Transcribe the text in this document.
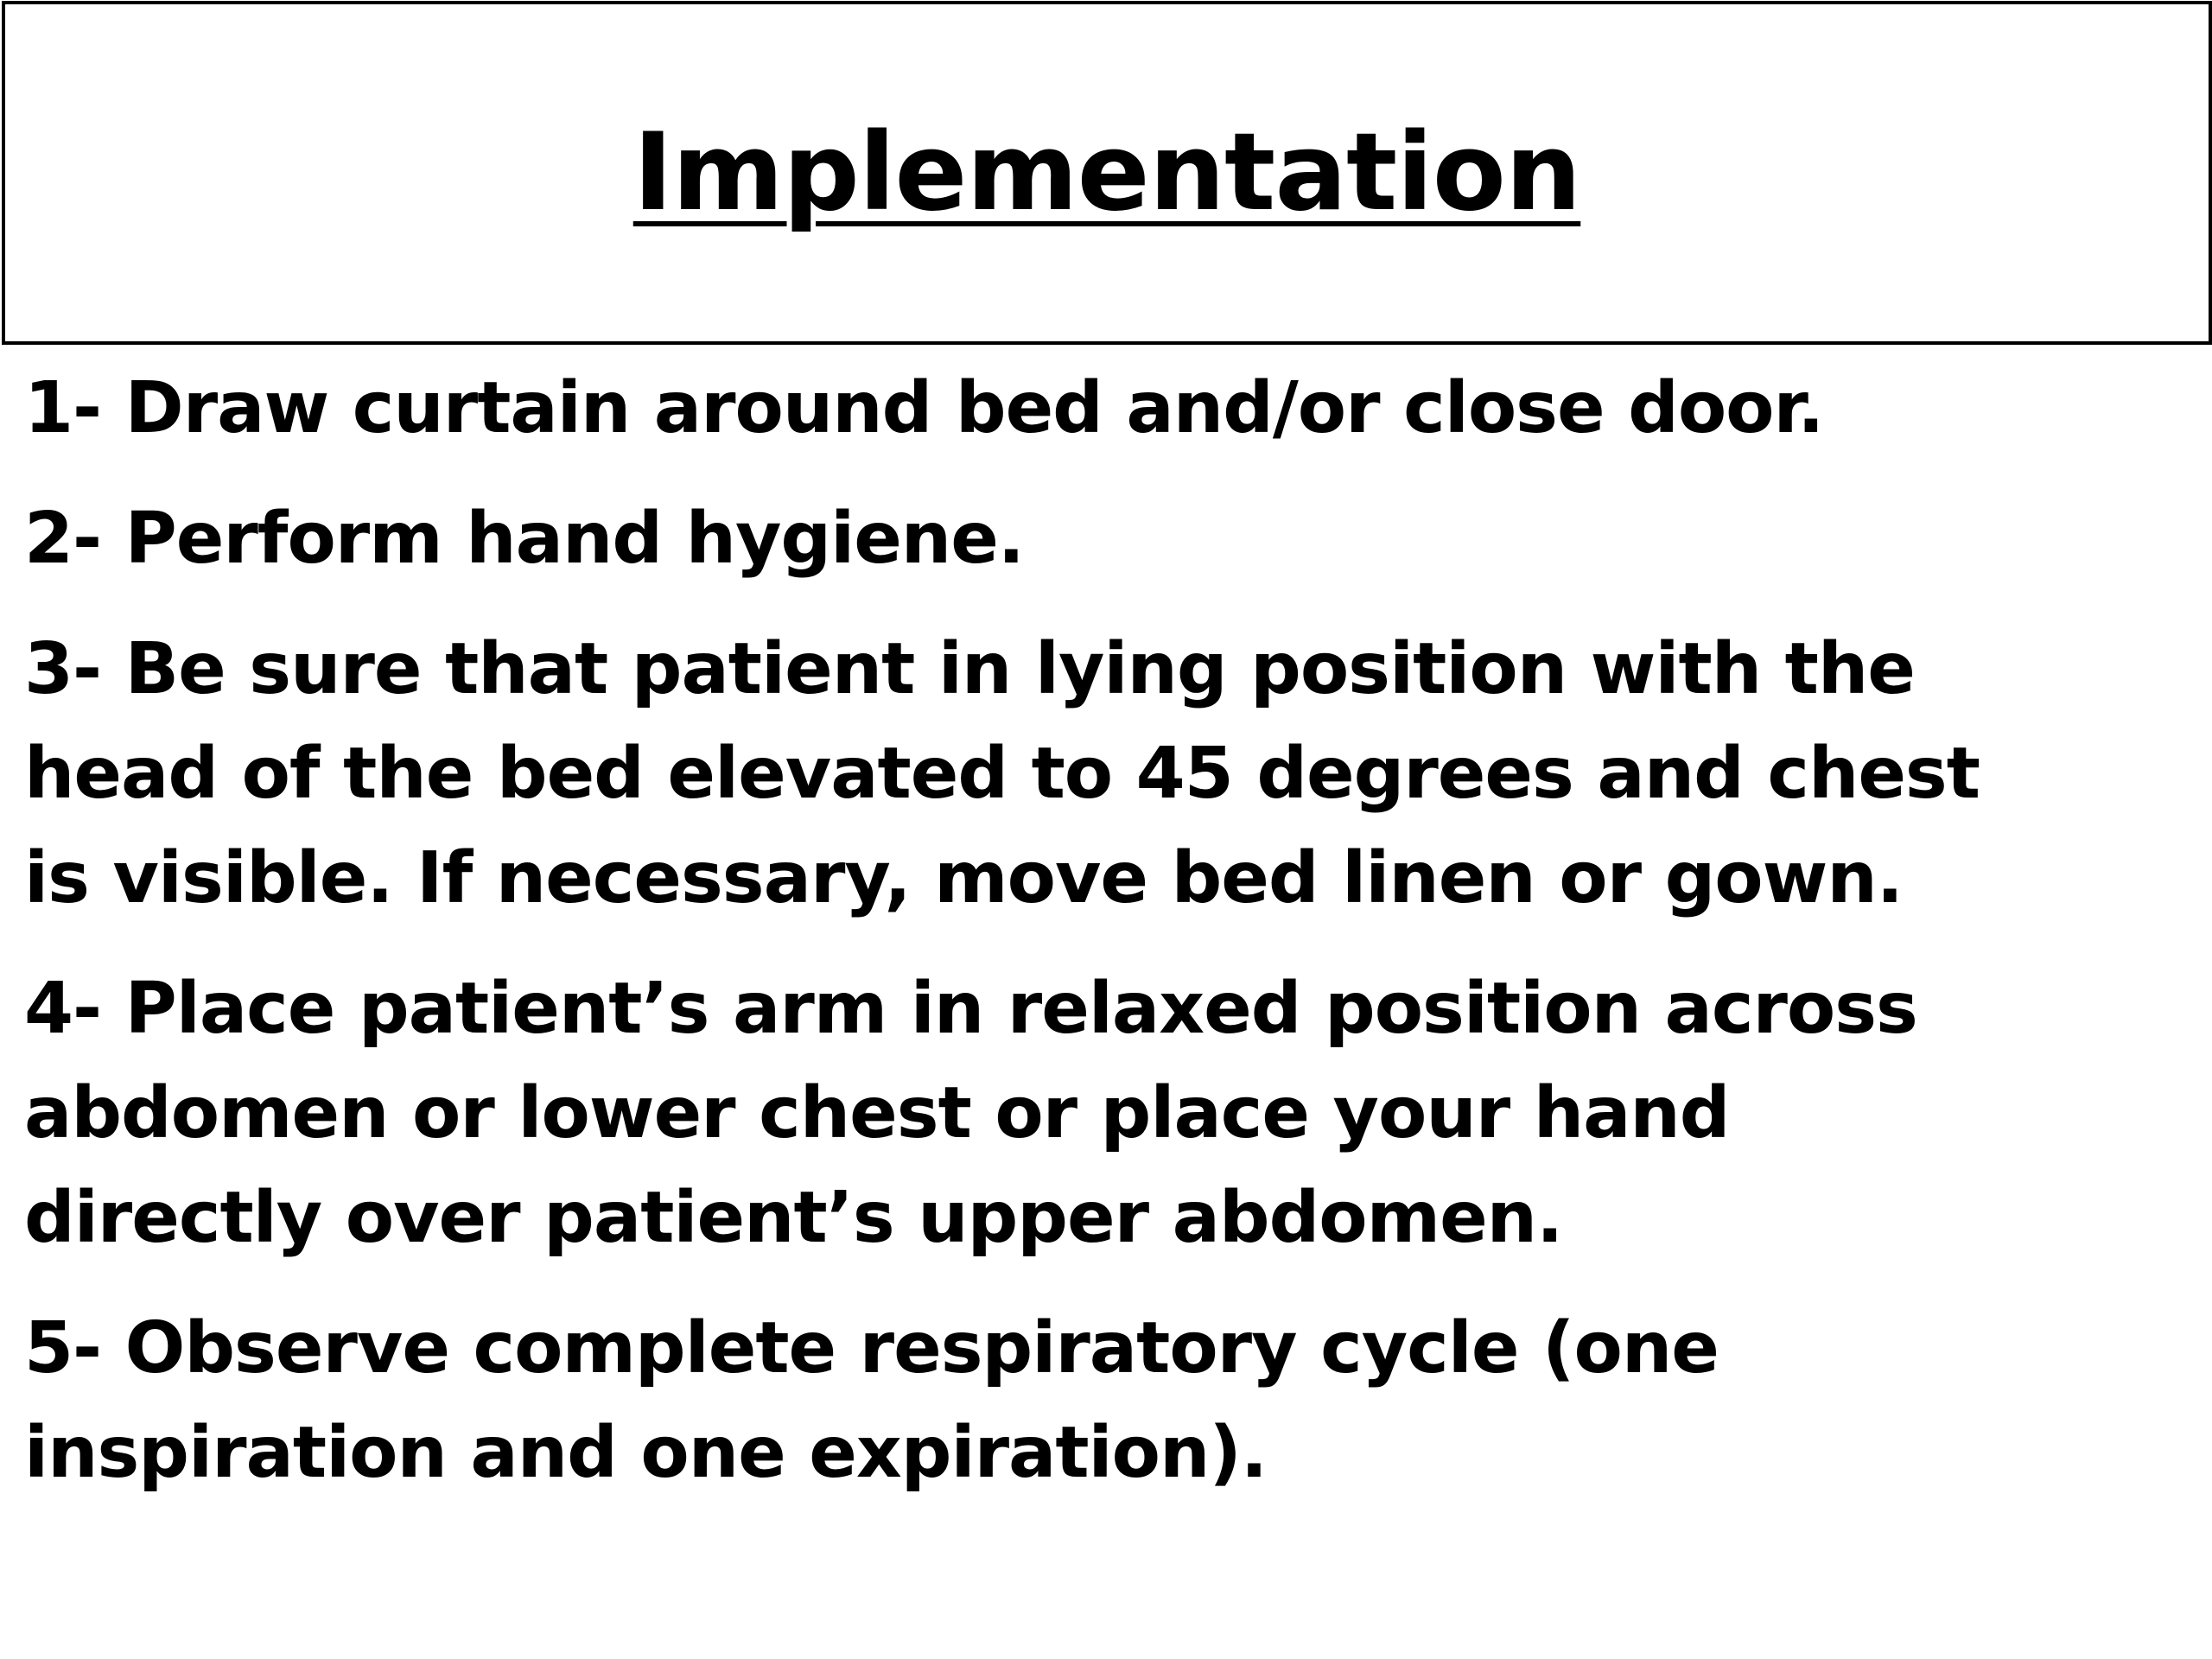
Implementation
1- Draw curtain around bed and/or close door.
2- Perform hand hygiene.
3- Be sure that patient in lying position with the
head of the bed elevated to 45 degrees and chest
is visible. If necessary, move bed linen or gown.
4- Place patient’s arm in relaxed position across
abdomen or lower chest or place your hand
directly over patient’s upper abdomen.
5- Observe complete respiratory cycle (one
inspiration and one expiration).
